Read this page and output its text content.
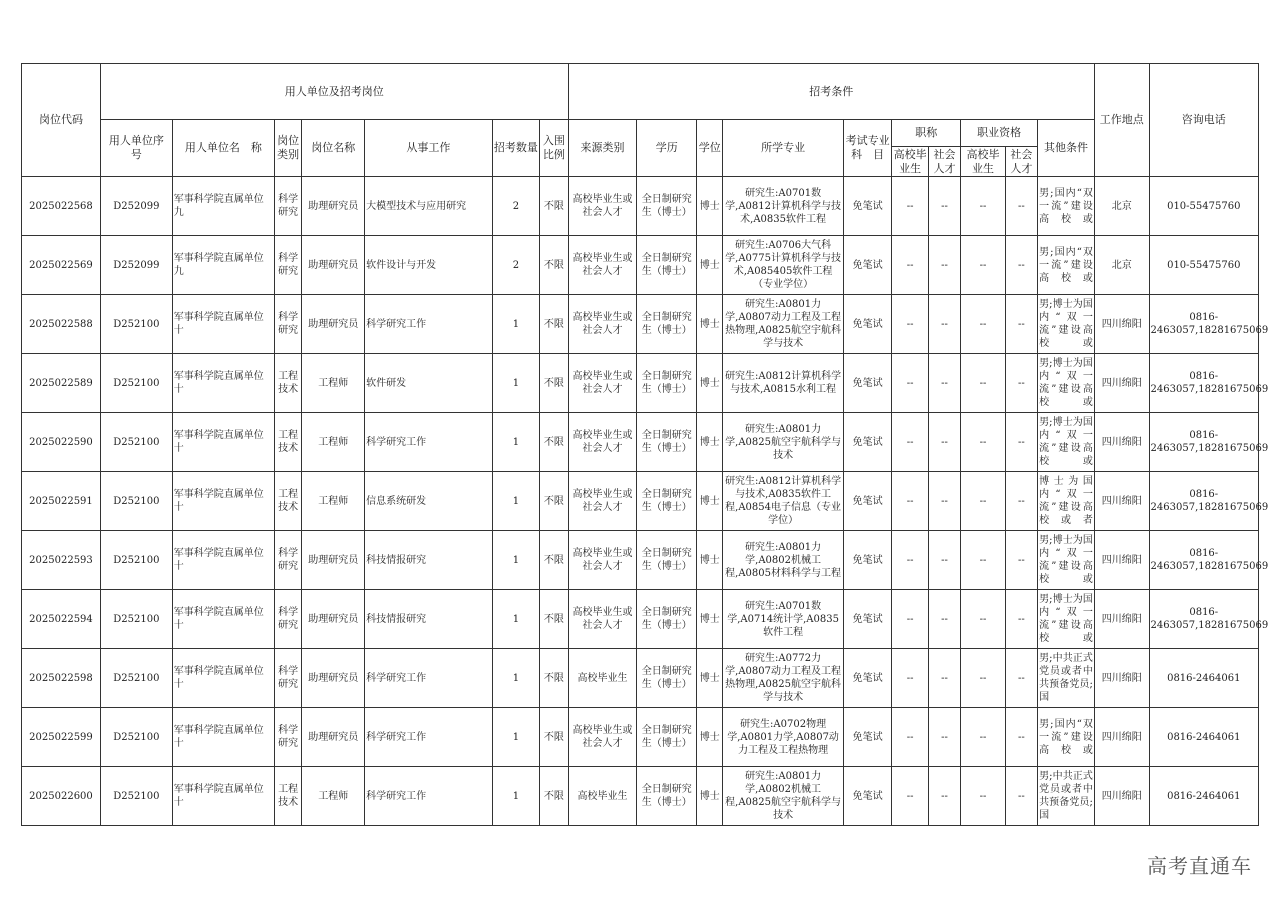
岗位代码	用人单位及招考岗位							招考条件										工作地点	咨询电话
	用人单位序　号	用人单位名　称	岗位类别	岗位名称	从事工作	招考数量	入围比例	来源类别	学历	学位	所学专业	考试专业科　目	职称		职业资格		其他条件		
													高校毕业生	社会人才	高校毕业生	社会人才			
2025022568	D252099	军事科学院直属单位九	科学研究	助理研究员	大模型技术与应用研究	2	不限	高校毕业生或社会人才	全日制研究生（博士）	博士	研究生:A0701数学,A0812计算机科学与技术,A0835软件工程	免笔试	--	--	--	--	男;国内“双一流”建设高校或	北京	010-55475760
2025022569	D252099	军事科学院直属单位九	科学研究	助理研究员	软件设计与开发	2	不限	高校毕业生或社会人才	全日制研究生（博士）	博士	研究生:A0706大气科学,A0775计算机科学与技术,A085405软件工程（专业学位）	免笔试	--	--	--	--	男;国内“双一流”建设高校或	北京	010-55475760
2025022588	D252100	军事科学院直属单位十	科学研究	助理研究员	科学研究工作	1	不限	高校毕业生或社会人才	全日制研究生（博士）	博士	研究生:A0801力学,A0807动力工程及工程热物理,A0825航空宇航科学与技术	免笔试	--	--	--	--	男;博士为国内“双一流”建设高校或	四川绵阳	0816-2463057,18281675069
2025022589	D252100	军事科学院直属单位十	工程技术	工程师	软件研发	1	不限	高校毕业生或社会人才	全日制研究生（博士）	博士	研究生:A0812计算机科学与技术,A0815水利工程	免笔试	--	--	--	--	男;博士为国内“双一流”建设高校或	四川绵阳	0816-2463057,18281675069
2025022590	D252100	军事科学院直属单位十	工程技术	工程师	科学研究工作	1	不限	高校毕业生或社会人才	全日制研究生（博士）	博士	研究生:A0801力学,A0825航空宇航科学与技术	免笔试	--	--	--	--	男;博士为国内“双一流”建设高校或	四川绵阳	0816-2463057,18281675069
2025022591	D252100	军事科学院直属单位十	工程技术	工程师	信息系统研发	1	不限	高校毕业生或社会人才	全日制研究生（博士）	博士	研究生:A0812计算机科学与技术,A0835软件工程,A0854电子信息（专业学位）	免笔试	--	--	--	--	博士为国内“双一流”建设高校或者	四川绵阳	0816-2463057,18281675069
2025022593	D252100	军事科学院直属单位十	科学研究	助理研究员	科技情报研究	1	不限	高校毕业生或社会人才	全日制研究生（博士）	博士	研究生:A0801力学,A0802机械工程,A0805材料科学与工程	免笔试	--	--	--	--	男;博士为国内“双一流”建设高校或	四川绵阳	0816-2463057,18281675069
2025022594	D252100	军事科学院直属单位十	科学研究	助理研究员	科技情报研究	1	不限	高校毕业生或社会人才	全日制研究生（博士）	博士	研究生:A0701数学,A0714统计学,A0835软件工程	免笔试	--	--	--	--	男;博士为国内“双一流”建设高校或	四川绵阳	0816-2463057,18281675069
2025022598	D252100	军事科学院直属单位十	科学研究	助理研究员	科学研究工作	1	不限	高校毕业生	全日制研究生（博士）	博士	研究生:A0772力学,A0807动力工程及工程热物理,A0825航空宇航科学与技术	免笔试	--	--	--	--	男;中共正式党员或者中共预备党员;国	四川绵阳	0816-2464061
2025022599	D252100	军事科学院直属单位十	科学研究	助理研究员	科学研究工作	1	不限	高校毕业生或社会人才	全日制研究生（博士）	博士	研究生:A0702物理学,A0801力学,A0807动力工程及工程热物理	免笔试	--	--	--	--	男;国内“双一流”建设高校或	四川绵阳	0816-2464061
2025022600	D252100	军事科学院直属单位十	工程技术	工程师	科学研究工作	1	不限	高校毕业生	全日制研究生（博士）	博士	研究生:A0801力学,A0802机械工程,A0825航空宇航科学与技术	免笔试	--	--	--	--	男;中共正式党员或者中共预备党员;国	四川绵阳	0816-2464061
高考直通车
